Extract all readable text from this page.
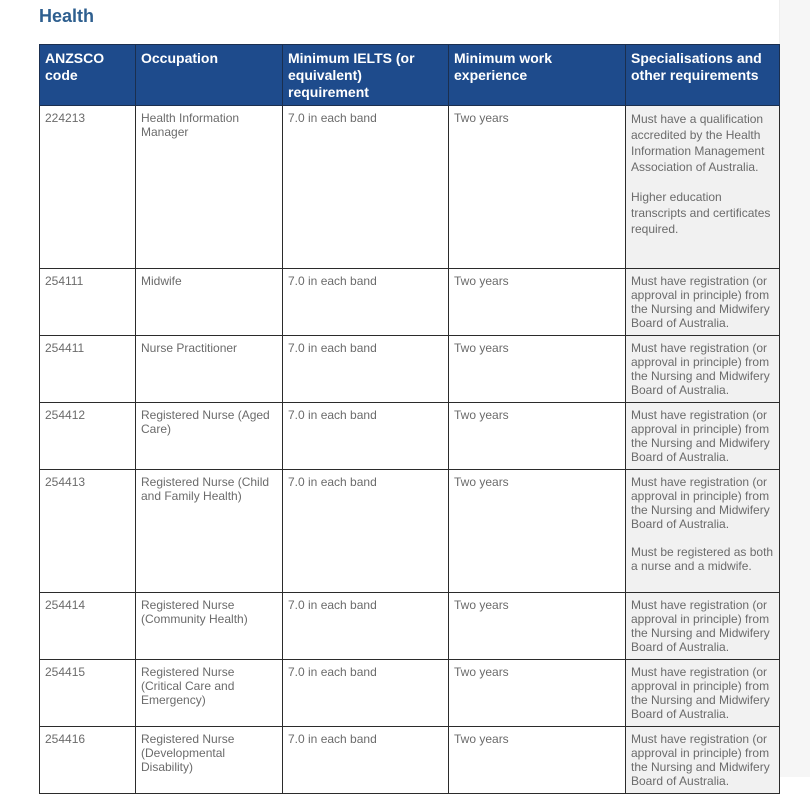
Health
ANZSCO code	Occupation	Minimum IELTS (or equivalent) requirement	Minimum work experience	Specialisations and other requirements
224213	Health Information Manager	7.0 in each band	Two years	Must have a qualification accredited by the Health Information Management Association of Australia.

Higher education transcripts and certificates required.

254111	Midwife	7.0 in each band	Two years	Must have registration (or approval in principle) from the Nursing and Midwifery Board of Australia.

254411	Nurse Practitioner	7.0 in each band	Two years	Must have registration (or approval in principle) from the Nursing and Midwifery Board of Australia.

254412	Registered Nurse (Aged Care)	7.0 in each band	Two years	Must have registration (or approval in principle) from the Nursing and Midwifery Board of Australia.

254413	Registered Nurse (Child and Family Health)	7.0 in each band	Two years	Must have registration (or approval in principle) from the Nursing and Midwifery Board of Australia.

Must be registered as both a nurse and a midwife.

254414	Registered Nurse (Community Health)	7.0 in each band	Two years	Must have registration (or approval in principle) from the Nursing and Midwifery Board of Australia.

254415	Registered Nurse (Critical Care and Emergency)	7.0 in each band	Two years	Must have registration (or approval in principle) from the Nursing and Midwifery Board of Australia.

254416	Registered Nurse (Developmental Disability)	7.0 in each band	Two years	Must have registration (or approval in principle) from the Nursing and Midwifery Board of Australia.
